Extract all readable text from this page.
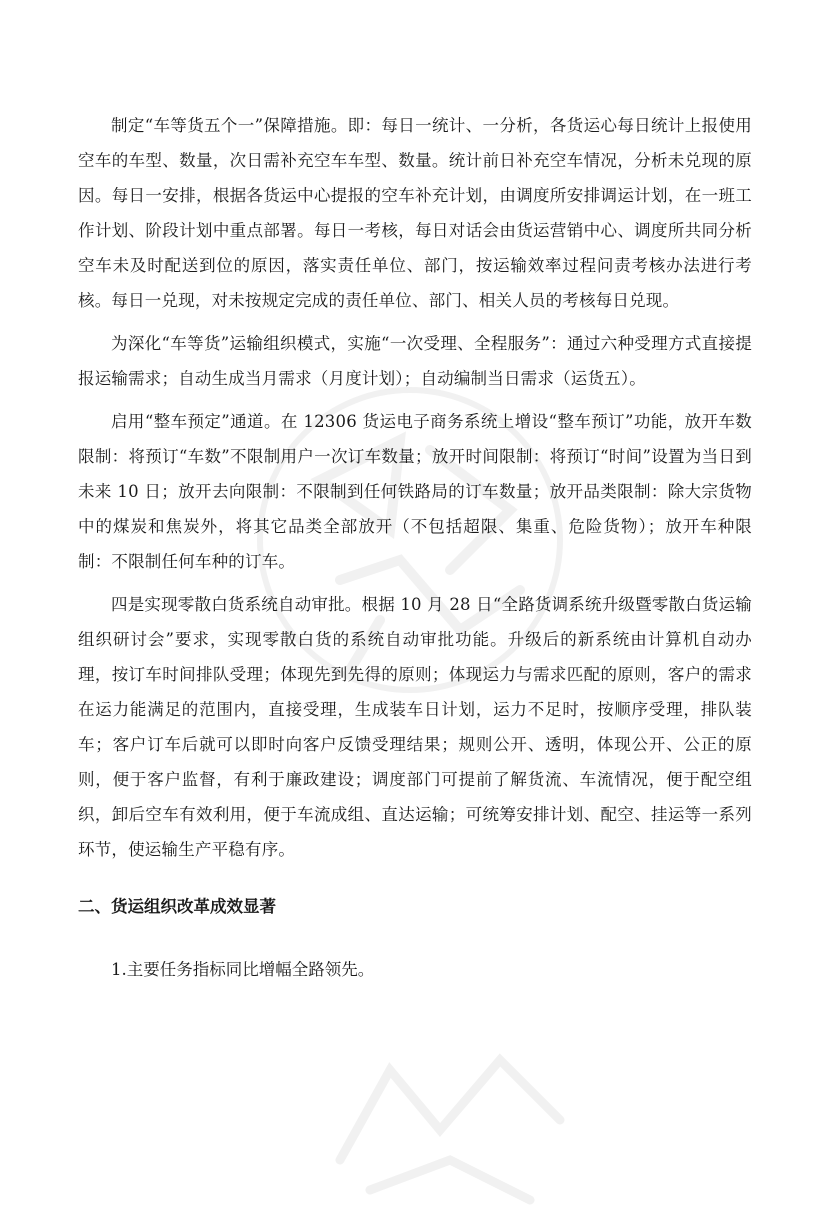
制定“车等货五个一”保障措施。即：每日一统计、一分析，各货运心每日统计上报使用空车的车型、数量，次日需补充空车车型、数量。统计前日补充空车情况，分析未兑现的原因。每日一安排，根据各货运中心提报的空车补充计划，由调度所安排调运计划，在一班工作计划、阶段计划中重点部署。每日一考核，每日对话会由货运营销中心、调度所共同分析空车未及时配送到位的原因，落实责任单位、部门，按运输效率过程问责考核办法进行考核。每日一兑现，对未按规定完成的责任单位、部门、相关人员的考核每日兑现。

为深化“车等货”运输组织模式，实施“一次受理、全程服务”：通过六种受理方式直接提报运输需求；自动生成当月需求（月度计划）；自动编制当日需求（运货五）。

启用“整车预定”通道。在 12306 货运电子商务系统上增设“整车预订”功能，放开车数限制：将预订“车数”不限制用户一次订车数量；放开时间限制：将预订“时间”设置为当日到未来 10 日；放开去向限制：不限制到任何铁路局的订车数量；放开品类限制：除大宗货物中的煤炭和焦炭外，将其它品类全部放开（不包括超限、集重、危险货物）；放开车种限制：不限制任何车种的订车。

四是实现零散白货系统自动审批。根据 10 月 28 日“全路货调系统升级暨零散白货运输组织研讨会”要求，实现零散白货的系统自动审批功能。升级后的新系统由计算机自动办理，按订车时间排队受理；体现先到先得的原则；体现运力与需求匹配的原则，客户的需求在运力能满足的范围内，直接受理，生成装车日计划，运力不足时，按顺序受理，排队装车；客户订车后就可以即时向客户反馈受理结果；规则公开、透明，体现公开、公正的原则，便于客户监督，有利于廉政建设；调度部门可提前了解货流、车流情况，便于配空组织，卸后空车有效利用，便于车流成组、直达运输；可统筹安排计划、配空、挂运等一系列环节，使运输生产平稳有序。

二、货运组织改革成效显著

1.主要任务指标同比增幅全路领先。
